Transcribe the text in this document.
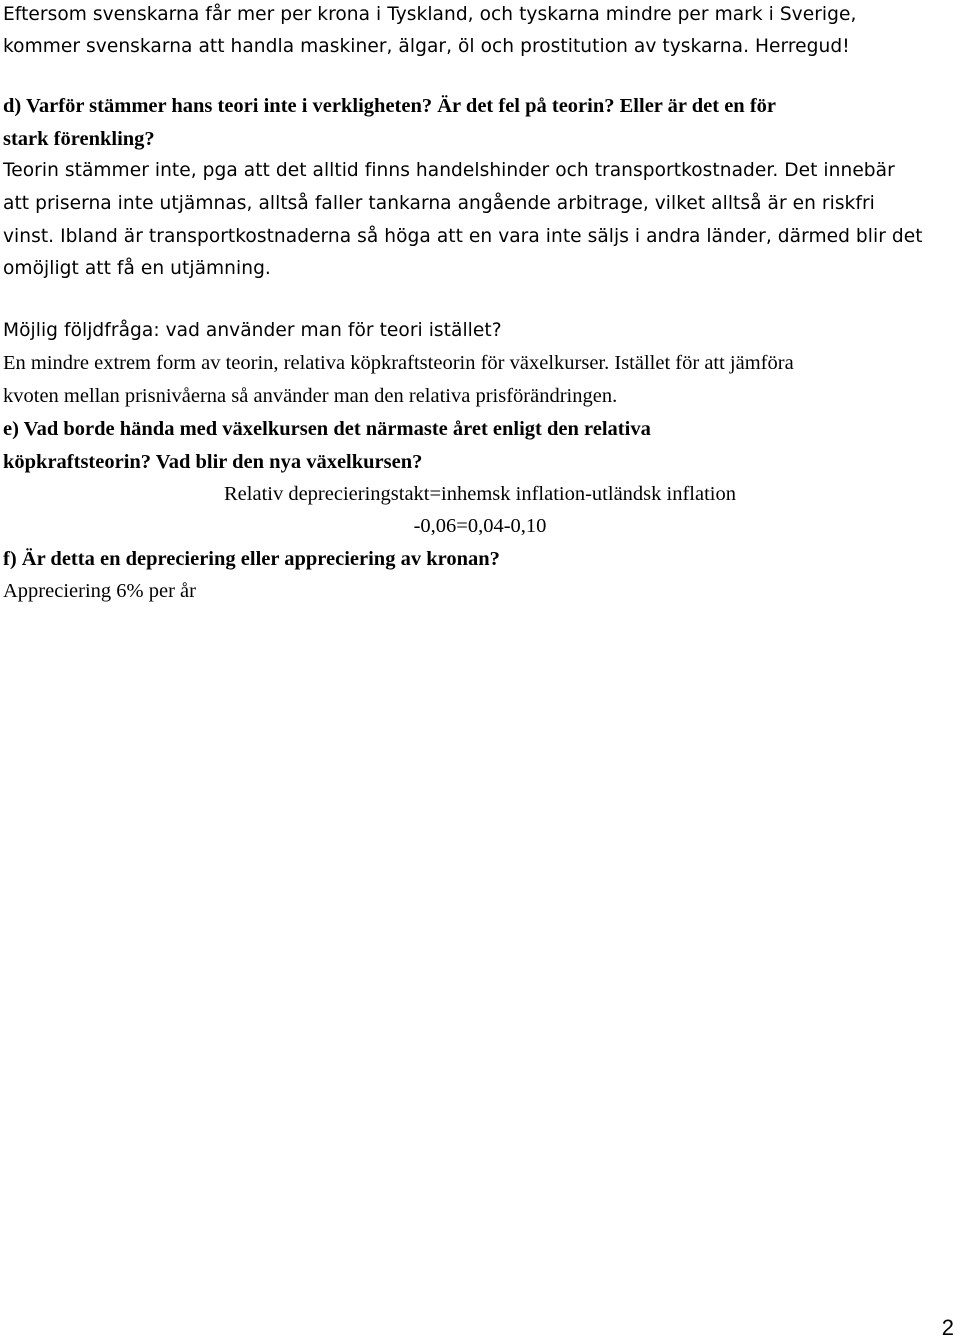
Eftersom svenskarna får mer per krona i Tyskland, och tyskarna mindre per mark i Sverige,
kommer svenskarna att handla maskiner, älgar, öl och prostitution av tyskarna. Herregud!
d) Varför stämmer hans teori inte i verkligheten? Är det fel på teorin? Eller är det en för
stark förenkling?
Teorin stämmer inte, pga att det alltid finns handelshinder och transportkostnader. Det innebär
att priserna inte utjämnas, alltså faller tankarna angående arbitrage, vilket alltså är en riskfri
vinst. Ibland är transportkostnaderna så höga att en vara inte säljs i andra länder, därmed blir det
omöjligt att få en utjämning.
Möjlig följdfråga: vad använder man för teori istället?
En mindre extrem form av teorin, relativa köpkraftsteorin för växelkurser. Istället för att jämföra
kvoten mellan prisnivåerna så använder man den relativa prisförändringen.
e) Vad borde hända med växelkursen det närmaste året enligt den relativa
köpkraftsteorin? Vad blir den nya växelkursen?
Relativ deprecieringstakt=inhemsk inflation-utländsk inflation
-0,06=0,04-0,10
f) Är detta en depreciering eller appreciering av kronan?
Appreciering 6% per år
2
